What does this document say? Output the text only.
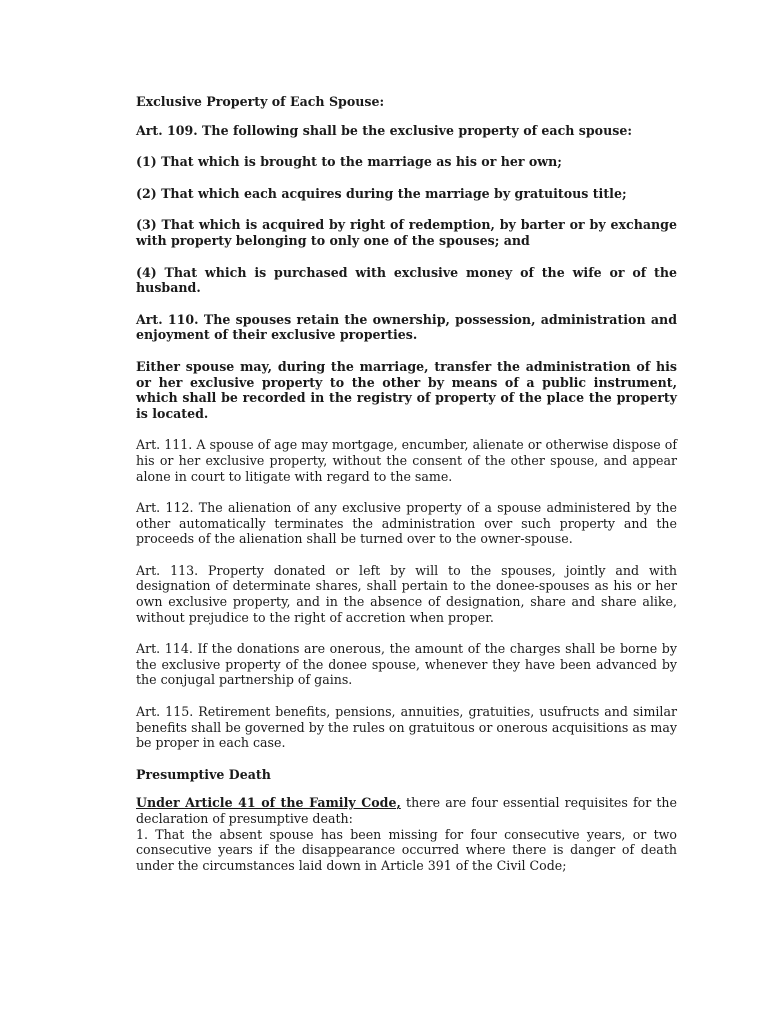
Exclusive Property of Each Spouse:

Art. 109. The following shall be the exclusive property of each spouse:

(1) That which is brought to the marriage as his or her own;

(2) That which each acquires during the marriage by gratuitous title;

(3) That which is acquired by right of redemption, by barter or by exchange with property belonging to only one of the spouses; and

(4) That which is purchased with exclusive money of the wife or of the husband.

Art. 110. The spouses retain the ownership, possession, administration and enjoyment of their exclusive properties.

Either spouse may, during the marriage, transfer the administration of his or her exclusive property to the other by means of a public instrument, which shall be recorded in the registry of property of the place the property is located.

Art. 111. A spouse of age may mortgage, encumber, alienate or otherwise dispose of his or her exclusive property, without the consent of the other spouse, and appear alone in court to litigate with regard to the same.

Art. 112. The alienation of any exclusive property of a spouse administered by the other automatically terminates the administration over such property and the proceeds of the alienation shall be turned over to the owner-spouse.

Art. 113. Property donated or left by will to the spouses, jointly and with designation of determinate shares, shall pertain to the donee-spouses as his or her own exclusive property, and in the absence of designation, share and share alike, without prejudice to the right of accretion when proper.

Art. 114. If the donations are onerous, the amount of the charges shall be borne by the exclusive property of the donee spouse, whenever they have been advanced by the conjugal partnership of gains.

Art. 115. Retirement benefits, pensions, annuities, gratuities, usufructs and similar benefits shall be governed by the rules on gratuitous or onerous acquisitions as may be proper in each case.

Presumptive Death

Under Article 41 of the Family Code, there are four essential requisites for the declaration of presumptive death:

1. That the absent spouse has been missing for four consecutive years, or two consecutive years if the disappearance occurred where there is danger of death under the circumstances laid down in Article 391 of the Civil Code;
